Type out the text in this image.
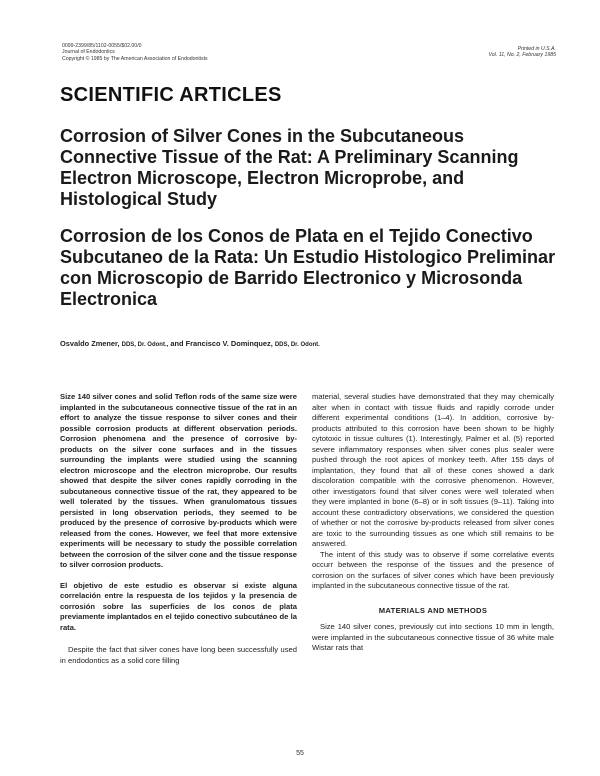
0099-2399/85/1102-0055/$02.00/0
Journal of Endodontics
Copyright © 1985 by The American Association of Endodontists
Printed in U.S.A.
Vol. 11, No. 2, February 1985
SCIENTIFIC ARTICLES
Corrosion of Silver Cones in the Subcutaneous Connective Tissue of the Rat: A Preliminary Scanning Electron Microscope, Electron Microprobe, and Histological Study
Corrosion de los Conos de Plata en el Tejido Conectivo Subcutaneo de la Rata: Un Estudio Histologico Preliminar con Microscopio de Barrido Electronico y Microsonda Electronica
Osvaldo Zmener, DDS, Dr. Odont., and Francisco V. Dominquez, DDS, Dr. Odont.

Size 140 silver cones and solid Teflon rods of the same size were implanted in the subcutaneous connective tissue of the rat in an effort to analyze the tissue response to silver cones and their possible corrosion products at different observation periods. Corrosion phenomena and the presence of corrosive by-products on the silver cone surfaces and in the tissues surrounding the implants were studied using the scanning electron microscope and the electron microprobe. Our results showed that despite the silver cones rapidly corroding in the subcutaneous connective tissue of the rat, they appeared to be well tolerated by the tissues. When granulomatous tissues persisted in long observation periods, they seemed to be produced by the presence of corrosive by-products which were released from the cones. However, we feel that more extensive experiments will be necessary to study the possible correlation between the corrosion of the silver cone and the tissue response to silver corrosion products.

El objetivo de este estudio es observar si existe alguna correlación entre la respuesta de los tejidos y la presencia de corrosión sobre las superficies de los conos de plata previamente implantados en el tejido conectivo subcutáneo de la rata.

Despite the fact that silver cones have long been successfully used in endodontics as a solid core filling

material, several studies have demonstrated that they may chemically alter when in contact with tissue fluids and rapidly corrode under different experimental conditions (1–4). In addition, corrosive by-products attributed to this corrosion have been shown to be highly cytotoxic in tissue cultures (1). Interestingly, Palmer et al. (5) reported severe inflammatory responses when silver cones plus sealer were pushed through the root apices of monkey teeth. After 155 days of implantation, they found that all of these cones showed a dark discoloration compatible with the corrosive phenomenon. However, other investigators found that silver cones were well tolerated when they were implanted in bone (6–8) or in soft tissues (9–11). Taking into account these contradictory observations, we considered the question of whether or not the corrosive by-products released from silver cones are toxic to the surrounding tissues as one which still remains to be answered.

The intent of this study was to observe if some correlative events occurr between the response of the tissues and the presence of corrosion on the surfaces of silver cones which have been previously implanted in the subcutaneous connective tissue of the rat.

MATERIALS AND METHODS

Size 140 silver cones, previously cut into sections 10 mm in length, were implanted in the subcutaneous connective tissue of 36 white male Wistar rats that

55
